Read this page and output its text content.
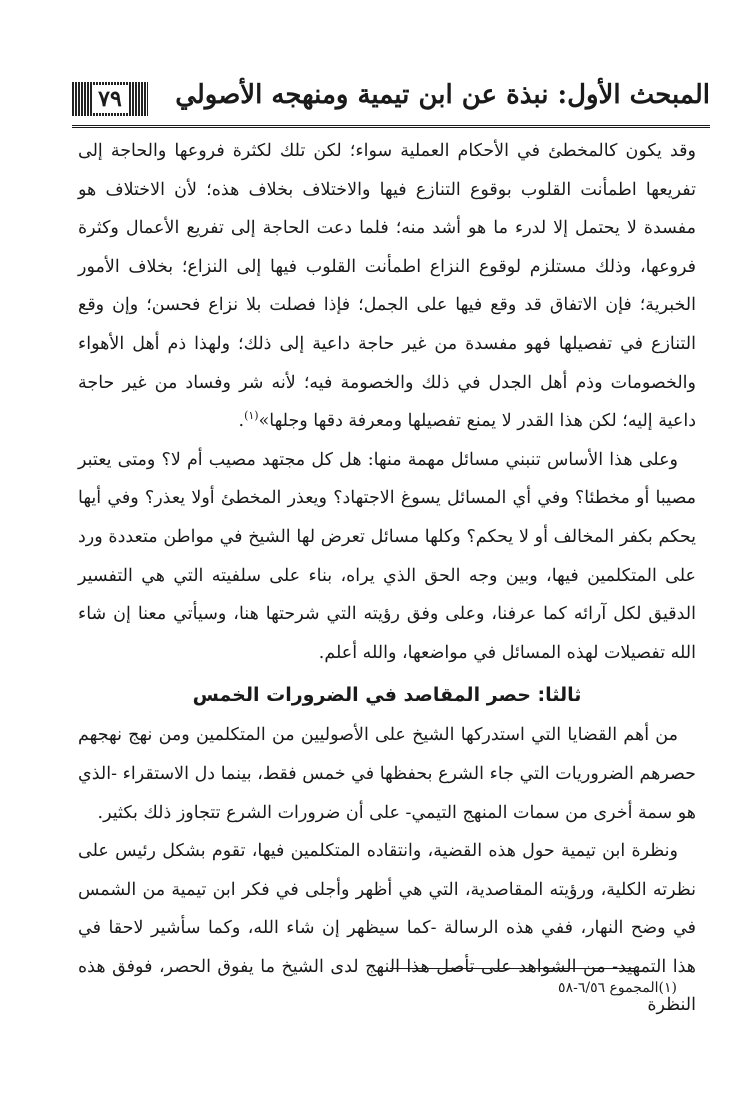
المبحث الأول: نبذة عن ابن تيمية ومنهجه الأصولي
٧٩

وقد يكون كالمخطئ في الأحكام العملية سواء؛ لكن تلك لكثرة فروعها والحاجة إلى تفريعها اطمأنت القلوب بوقوع التنازع فيها والاختلاف بخلاف هذه؛ لأن الاختلاف هو مفسدة لا يحتمل إلا لدرء ما هو أشد منه؛ فلما دعت الحاجة إلى تفريع الأعمال وكثرة فروعها، وذلك مستلزم لوقوع النزاع اطمأنت القلوب فيها إلى النزاع؛ بخلاف الأمور الخبرية؛ فإن الاتفاق قد وقع فيها على الجمل؛ فإذا فصلت بلا نزاع فحسن؛ وإن وقع التنازع في تفصيلها فهو مفسدة من غير حاجة داعية إلى ذلك؛ ولهذا ذم أهل الأهواء والخصومات وذم أهل الجدل في ذلك والخصومة فيه؛ لأنه شر وفساد من غير حاجة داعية إليه؛ لكن هذا القدر لا يمنع تفصيلها ومعرفة دقها وجلها»$^{(١)}$.

وعلى هذا الأساس تنبني مسائل مهمة منها: هل كل مجتهد مصيب أم لا؟ ومتى يعتبر مصيبا أو مخطئا؟ وفي أي المسائل يسوغ الاجتهاد؟ ويعذر المخطئ أولا يعذر؟ وفي أيها يحكم بكفر المخالف أو لا يحكم؟ وكلها مسائل تعرض لها الشيخ في مواطن متعددة ورد على المتكلمين فيها، وبين وجه الحق الذي يراه، بناء على سلفيته التي هي التفسير الدقيق لكل آرائه كما عرفنا، وعلى وفق رؤيته التي شرحتها هنا، وسيأتي معنا إن شاء الله تفصيلات لهذه المسائل في مواضعها، والله أعلم.

ثالثا: حصر المقاصد في الضرورات الخمس

من أهم القضايا التي استدركها الشيخ على الأصوليين من المتكلمين ومن نهج نهجهم حصرهم الضروريات التي جاء الشرع بحفظها في خمس فقط، بينما دل الاستقراء -الذي هو سمة أخرى من سمات المنهج التيمي- على أن ضرورات الشرع تتجاوز ذلك بكثير.

ونظرة ابن تيمية حول هذه القضية، وانتقاده المتكلمين فيها، تقوم بشكل رئيس على نظرته الكلية، ورؤيته المقاصدية، التي هي أظهر وأجلى في فكر ابن تيمية من الشمس في وضح النهار، ففي هذه الرسالة -كما سيظهر إن شاء الله، وكما سأشير لاحقا في هذا التمهيد- من الشواهد على تأصل هذا النهج لدى الشيخ ما يفوق الحصر، فوفق هذه النظرة

(١)المجموع ٦/٥٦-٥٨
